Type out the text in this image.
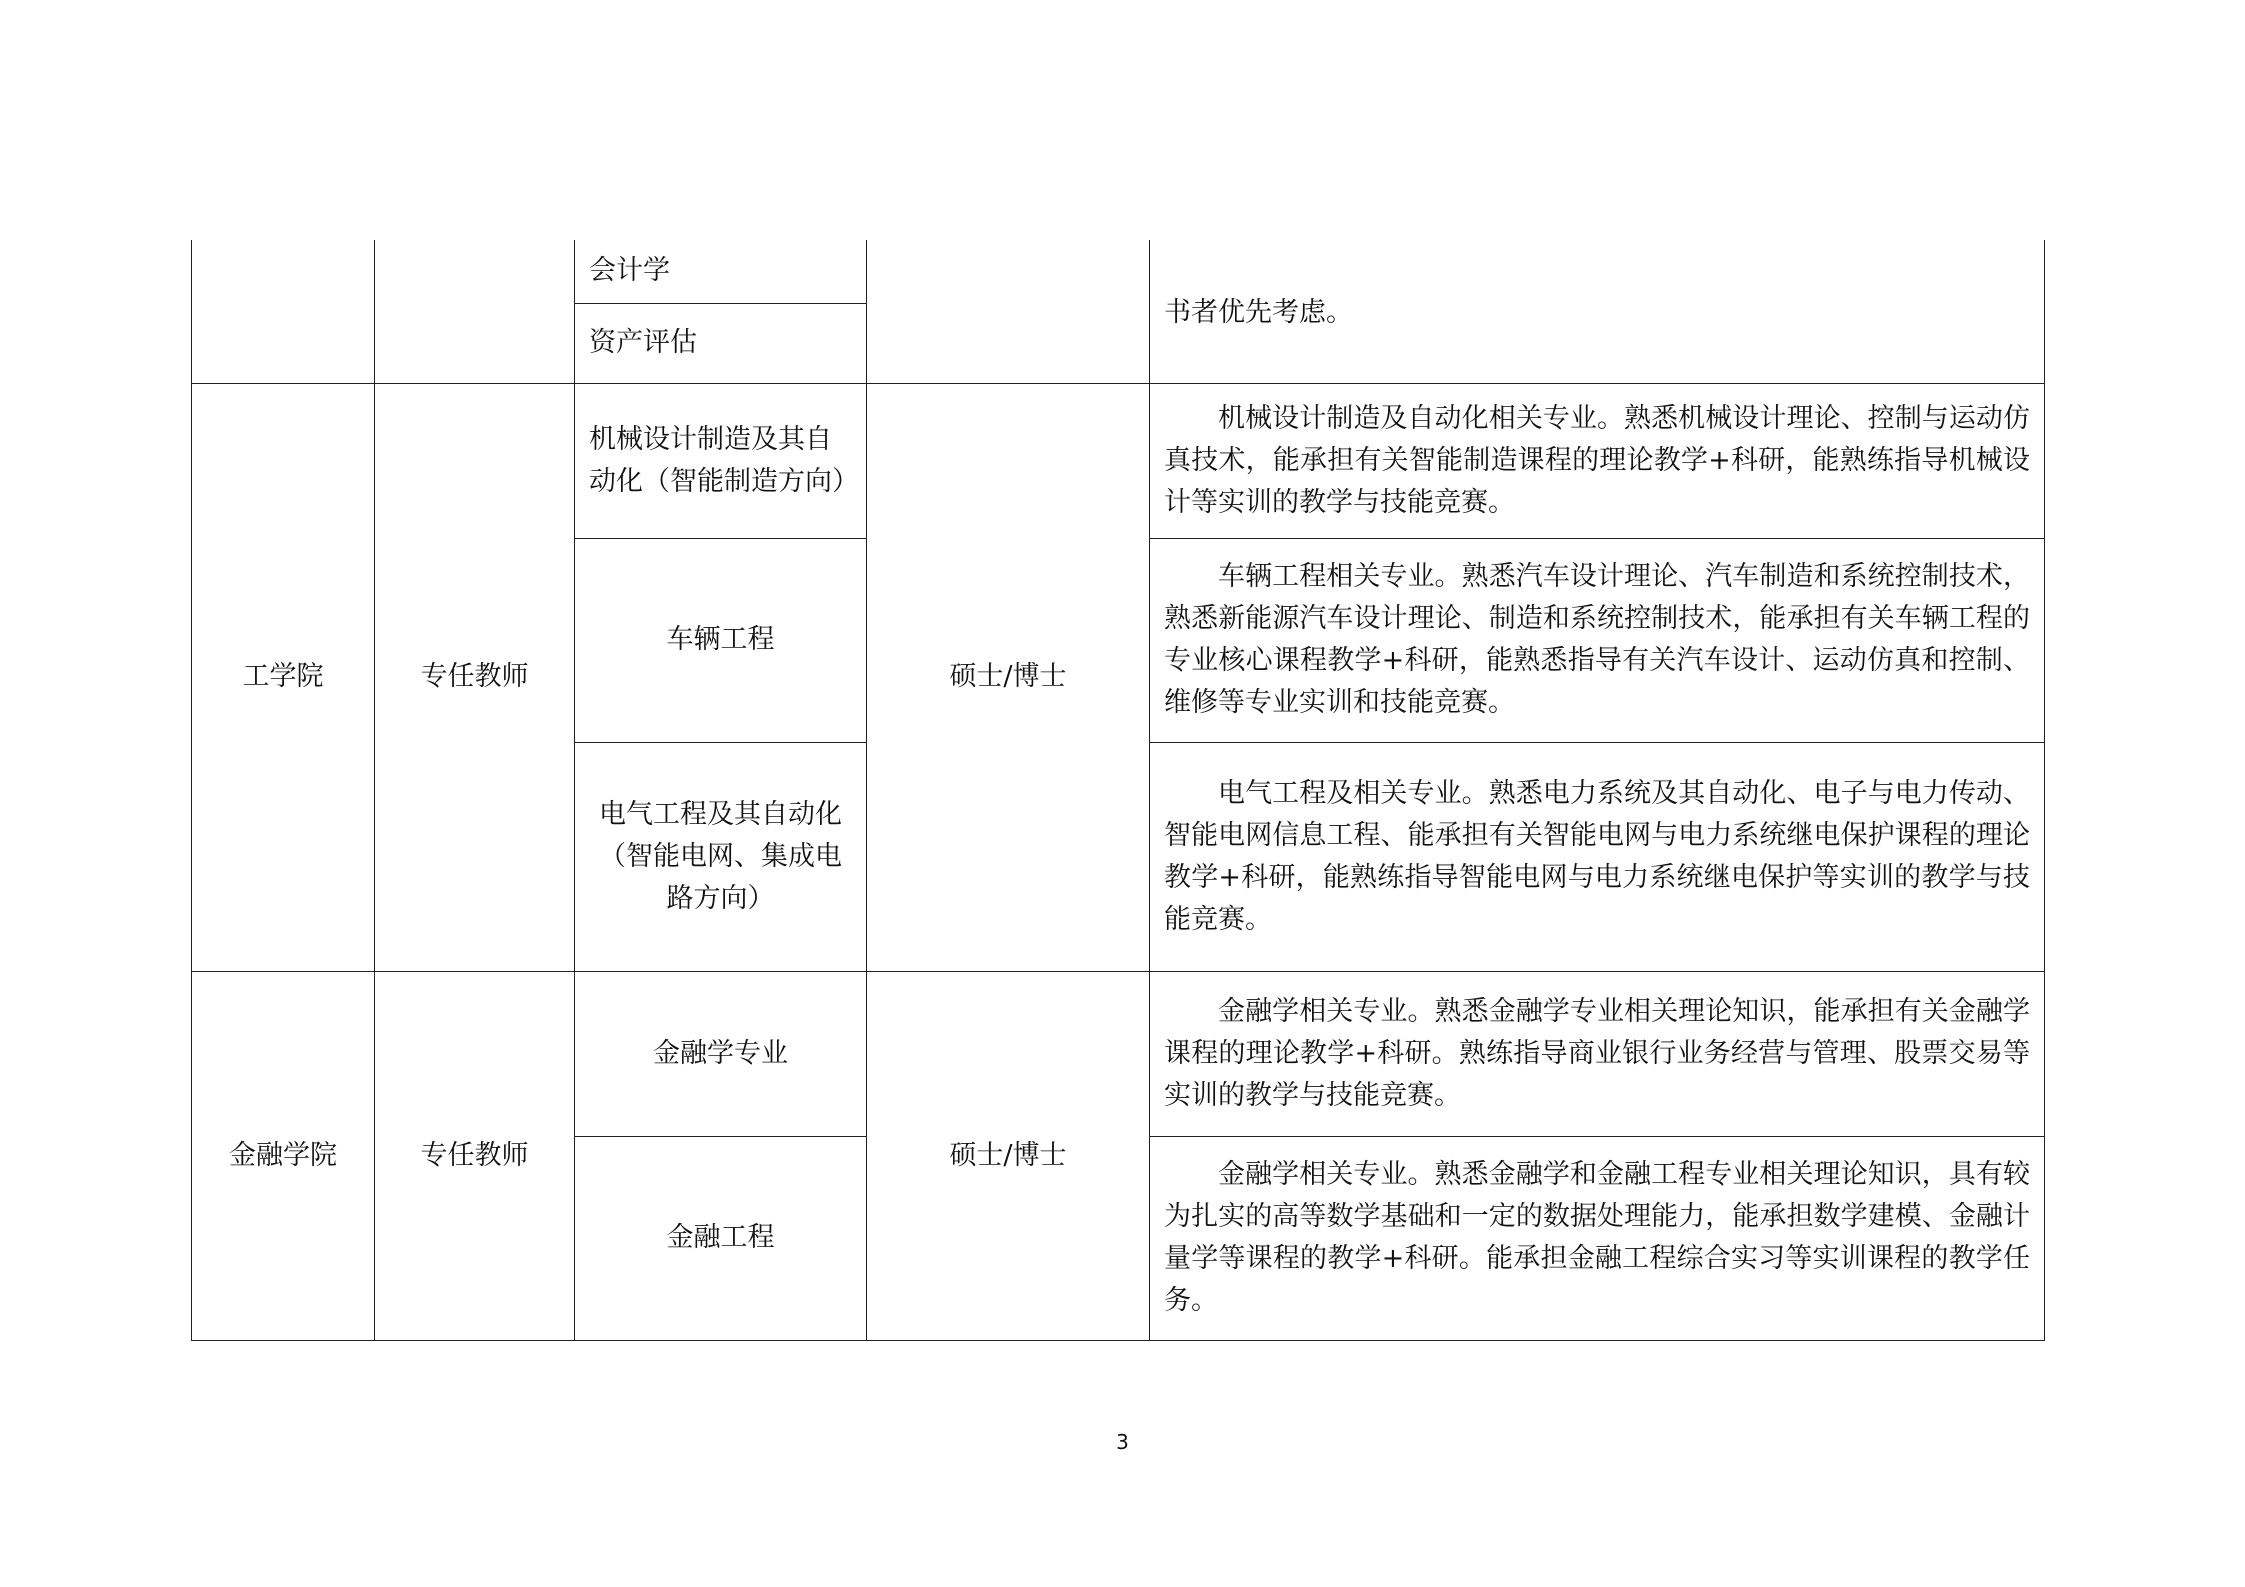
		会计学		书者优先考虑。

		资产评估		
工学院	专任教师	机械设计制造及其自动化（智能制造方向）	硕士/博士	机械设计制造及自动化相关专业。熟悉机械设计理论、控制与运动仿真技术，能承担有关智能制造课程的理论教学+科研，能熟练指导机械设计等实训的教学与技能竞赛。

		车辆工程		车辆工程相关专业。熟悉汽车设计理论、汽车制造和系统控制技术，熟悉新能源汽车设计理论、制造和系统控制技术，能承担有关车辆工程的专业核心课程教学+科研，能熟悉指导有关汽车设计、运动仿真和控制、维修等专业实训和技能竞赛。

		电气工程及其自动化（智能电网、集成电路方向）		电气工程及相关专业。熟悉电力系统及其自动化、电子与电力传动、智能电网信息工程、能承担有关智能电网与电力系统继电保护课程的理论教学+科研，能熟练指导智能电网与电力系统继电保护等实训的教学与技能竞赛。

金融学院	专任教师	金融学专业	硕士/博士	金融学相关专业。熟悉金融学专业相关理论知识，能承担有关金融学课程的理论教学+科研。熟练指导商业银行业务经营与管理、股票交易等实训的教学与技能竞赛。

		金融工程		金融学相关专业。熟悉金融学和金融工程专业相关理论知识，具有较为扎实的高等数学基础和一定的数据处理能力，能承担数学建模、金融计量学等课程的教学+科研。能承担金融工程综合实习等实训课程的教学任务。
3
